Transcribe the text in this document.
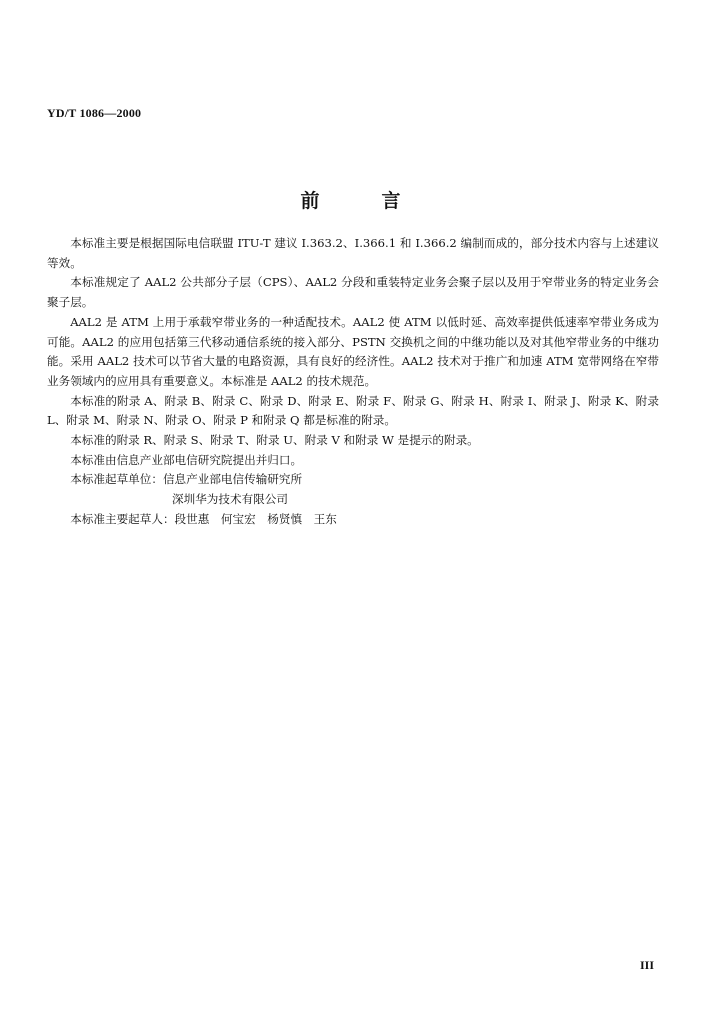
YD/T 1086—2000
前言

本标准主要是根据国际电信联盟 ITU-T 建议 I.363.2、I.366.1 和 I.366.2 编制而成的，部分技术内容与上述建议等效。

本标准规定了 AAL2 公共部分子层（CPS）、AAL2 分段和重装特定业务会聚子层以及用于窄带业务的特定业务会聚子层。

AAL2 是 ATM 上用于承载窄带业务的一种适配技术。AAL2 使 ATM 以低时延、高效率提供低速率窄带业务成为可能。AAL2 的应用包括第三代移动通信系统的接入部分、PSTN 交换机之间的中继功能以及对其他窄带业务的中继功能。采用 AAL2 技术可以节省大量的电路资源，具有良好的经济性。AAL2 技术对于推广和加速 ATM 宽带网络在窄带业务领域内的应用具有重要意义。本标准是 AAL2 的技术规范。

本标准的附录 A、附录 B、附录 C、附录 D、附录 E、附录 F、附录 G、附录 H、附录 I、附录 J、附录 K、附录 L、附录 M、附录 N、附录 O、附录 P 和附录 Q 都是标准的附录。

本标准的附录 R、附录 S、附录 T、附录 U、附录 V 和附录 W 是提示的附录。

本标准由信息产业部电信研究院提出并归口。

本标准起草单位：信息产业部电信传输研究所

深圳华为技术有限公司

本标准主要起草人：段世惠　何宝宏　杨贤慎　王东

III
